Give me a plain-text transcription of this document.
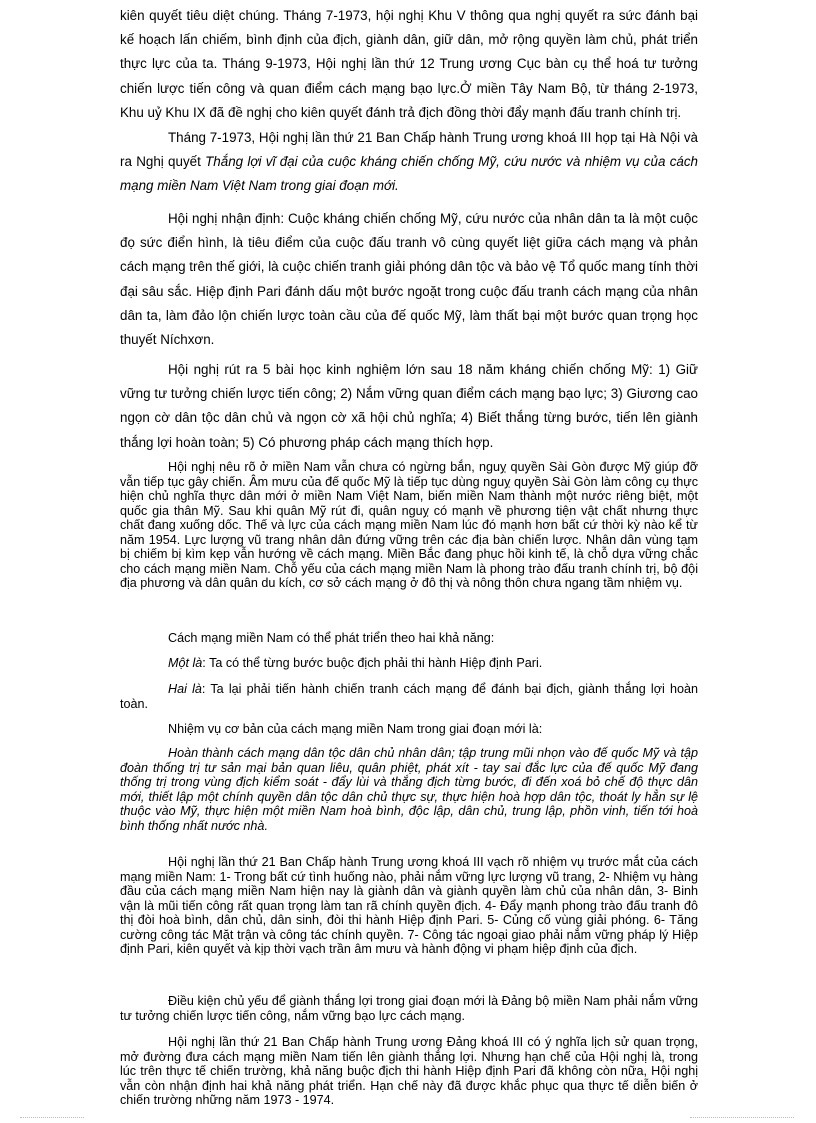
kiên quyết tiêu diệt chúng. Tháng 7-1973, hội nghị Khu V thông qua nghị quyết ra sức đánh bại kế hoạch lấn chiếm, bình định của địch, giành dân, giữ dân, mở rộng quyền làm chủ, phát triển thực lực của ta. Tháng 9-1973, Hội nghị lần thứ 12 Trung ương Cục bàn cụ thể hoá tư tưởng chiến lược tiến công và quan điểm cách mạng bạo lực.Ở miền Tây Nam Bộ, từ tháng 2-1973, Khu uỷ Khu IX đã đề nghị cho kiên quyết đánh trả địch đồng thời đẩy mạnh đấu tranh chính trị.

Tháng 7-1973, Hội nghị lần thứ 21 Ban Chấp hành Trung ương khoá III họp tại Hà Nội và ra Nghị quyết Thắng lợi vĩ đại của cuộc kháng chiến chống Mỹ, cứu nước và nhiệm vụ của cách mạng miền Nam Việt Nam trong giai đoạn mới.

Hội nghị nhận định: Cuộc kháng chiến chống Mỹ, cứu nước của nhân dân ta là một cuộc đọ sức điển hình, là tiêu điểm của cuộc đấu tranh vô cùng quyết liệt giữa cách mạng và phản cách mạng trên thế giới, là cuộc chiến tranh giải phóng dân tộc và bảo vệ Tổ quốc mang tính thời đại sâu sắc. Hiệp định Pari đánh dấu một bước ngoặt trong cuộc đấu tranh cách mạng của nhân dân ta, làm đảo lộn chiến lược toàn cầu của đế quốc Mỹ, làm thất bại một bước quan trọng học thuyết Níchxơn.

Hội nghị rút ra 5 bài học kinh nghiệm lớn sau 18 năm kháng chiến chống Mỹ: 1) Giữ vững tư tưởng chiến lược tiến công; 2) Nắm vững quan điểm cách mạng bạo lực; 3) Giương cao ngọn cờ dân tộc dân chủ và ngọn cờ xã hội chủ nghĩa; 4) Biết thắng từng bước, tiến lên giành thắng lợi hoàn toàn; 5) Có phương pháp cách mạng thích hợp.

Hội nghị nêu rõ ở miền Nam vẫn chưa có ngừng bắn, nguỵ quyền Sài Gòn được Mỹ giúp đỡ vẫn tiếp tục gây chiến. Âm mưu của đế quốc Mỹ là tiếp tục dùng nguỵ quyền Sài Gòn làm công cụ thực hiện chủ nghĩa thực dân mới ở miền Nam Việt Nam, biến miền Nam thành một nước riêng biệt, một quốc gia thân Mỹ. Sau khi quân Mỹ rút đi, quân nguỵ có mạnh về phương tiện vật chất nhưng thực chất đang xuống dốc. Thế và lực của cách mạng miền Nam lúc đó mạnh hơn bất cứ thời kỳ nào kể từ năm 1954. Lực lượng vũ trang nhân dân đứng vững trên các địa bàn chiến lược. Nhân dân vùng tạm bị chiếm bị kìm kẹp vẫn hướng về cách mạng. Miền Bắc đang phục hồi kinh tế, là chỗ dựa vững chắc cho cách mạng miền Nam. Chỗ yếu của cách mạng miền Nam là phong trào đấu tranh chính trị, bộ đội địa phương và dân quân du kích, cơ sở cách mạng ở đô thị và nông thôn chưa ngang tầm nhiệm vụ.

Cách mạng miền Nam có thể phát triển theo hai khả năng:

Một là: Ta có thể từng bước buộc địch phải thi hành Hiệp định Pari.

Hai là: Ta lại phải tiến hành chiến tranh cách mạng để đánh bại địch, giành thắng lợi hoàn toàn.

Nhiệm vụ cơ bản của cách mạng miền Nam trong giai đoạn mới là:

Hoàn thành cách mạng dân tộc dân chủ nhân dân; tập trung mũi nhọn vào đế quốc Mỹ và tập đoàn thống trị tư sản mại bản quan liêu, quân phiệt, phát xít - tay sai đắc lực của đế quốc Mỹ đang thống trị trong vùng địch kiểm soát - đẩy lùi và thắng địch từng bước, đi đến xoá bỏ chế độ thực dân mới, thiết lập một chính quyền dân tộc dân chủ thực sự, thực hiện hoà hợp dân tộc, thoát ly hẳn sự lệ thuộc vào Mỹ, thực hiện một miền Nam hoà bình, độc lập, dân chủ, trung lập, phồn vinh, tiến tới hoà bình thống nhất nước nhà.

Hội nghị lần thứ 21 Ban Chấp hành Trung ương khoá III vạch rõ nhiệm vụ trước mắt của cách mạng miền Nam: 1- Trong bất cứ tình huống nào, phải nắm vững lực lượng vũ trang, 2- Nhiệm vụ hàng đầu của cách mạng miền Nam hiện nay là giành dân và giành quyền làm chủ của nhân dân, 3- Binh vận là mũi tiến công rất quan trọng làm tan rã chính quyền địch. 4- Đẩy mạnh phong trào đấu tranh đô thị đòi hoà bình, dân chủ, dân sinh, đòi thi hành Hiệp định Pari. 5- Củng cố vùng giải phóng. 6- Tăng cường công tác Mặt trận và công tác chính quyền. 7- Công tác ngoại giao phải nắm vững pháp lý Hiệp định Pari, kiên quyết và kịp thời vạch trần âm mưu và hành động vi phạm hiệp định của địch.

Điều kiện chủ yếu để giành thắng lợi trong giai đoạn mới là Đảng bộ miền Nam phải nắm vững tư tưởng chiến lược tiến công, nắm vững bạo lực cách mạng.

Hội nghị lần thứ 21 Ban Chấp hành Trung ương Đảng khoá III có ý nghĩa lịch sử quan trọng, mở đường đưa cách mạng miền Nam tiến lên giành thắng lợi. Nhưng hạn chế của Hội nghị là, trong lúc trên thực tế chiến trường, khả năng buộc địch thi hành Hiệp định Pari đã không còn nữa, Hội nghị vẫn còn nhận định hai khả năng phát triển. Hạn chế này đã được khắc phục qua thực tế diễn biến ở chiến trường những năm 1973 - 1974.
